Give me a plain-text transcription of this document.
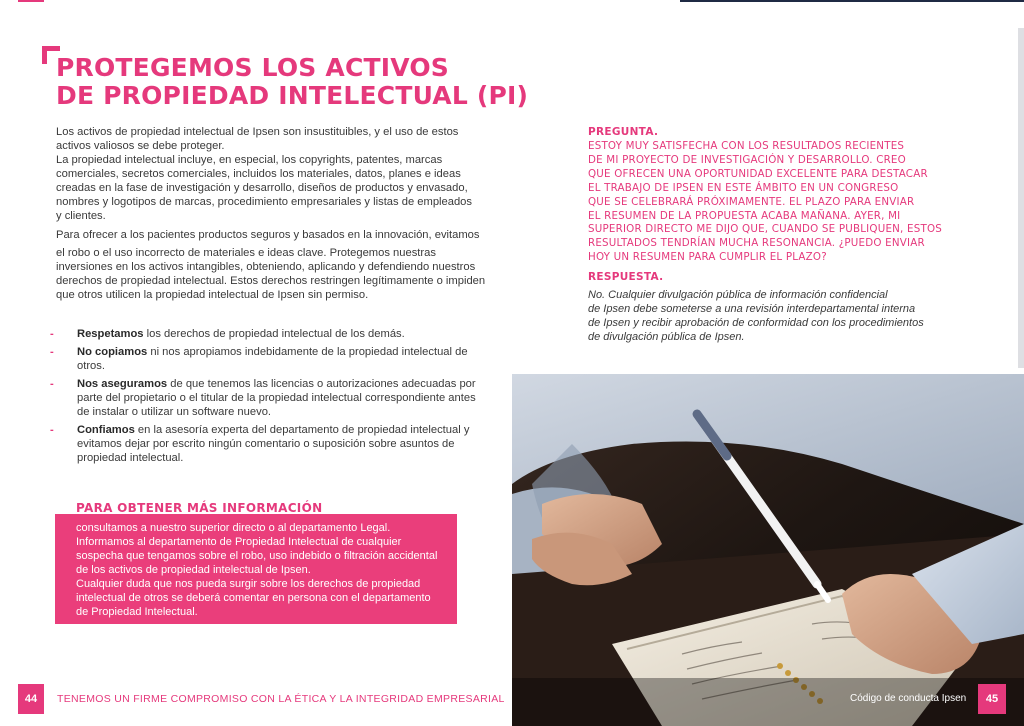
PROTEGEMOS LOS ACTIVOS
DE PROPIEDAD INTELECTUAL (PI)

Los activos de propiedad intelectual de Ipsen son insustituibles, y el uso de estos

activos valiosos se debe proteger.

La propiedad intelectual incluye, en especial, los copyrights, patentes, marcas

comerciales, secretos comerciales, incluidos los materiales, datos, planes e ideas

creadas en la fase de investigación y desarrollo, diseños de productos y envasado,

nombres y logotipos de marcas, procedimiento empresariales y listas de empleados

y clientes.

Para ofrecer a los pacientes productos seguros y basados en la innovación, evitamos

el robo o el uso incorrecto de materiales e ideas clave. Protegemos nuestras

inversiones en los activos intangibles, obteniendo, aplicando y defendiendo nuestros

derechos de propiedad intelectual. Estos derechos restringen legítimamente o impiden

que otros utilicen la propiedad intelectual de Ipsen sin permiso.

- Respetamos los derechos de propiedad intelectual de los demás.
- No copiamos ni nos apropiamos indebidamente de la propiedad intelectual de otros.
- Nos aseguramos de que tenemos las licencias o autorizaciones adecuadas por parte del propietario o el titular de la propiedad intelectual correspondiente antes de instalar o utilizar un software nuevo.
- Confiamos en la asesoría experta del departamento de propiedad intelectual y evitamos dejar por escrito ningún comentario o suposición sobre asuntos de propiedad intelectual.
PARA OBTENER MÁS INFORMACIÓN

consultamos a nuestro superior directo o al departamento Legal.

Informamos al departamento de Propiedad Intelectual de cualquier

sospecha que tengamos sobre el robo, uso indebido o filtración accidental

de los activos de propiedad intelectual de Ipsen.

Cualquier duda que nos pueda surgir sobre los derechos de propiedad

intelectual de otros se deberá comentar en persona con el departamento

de Propiedad Intelectual.

PREGUNTA.

ESTOY MUY SATISFECHA CON LOS RESULTADOS RECIENTES

DE MI PROYECTO DE INVESTIGACIÓN Y DESARROLLO. CREO

QUE OFRECEN UNA OPORTUNIDAD EXCELENTE PARA DESTACAR

EL TRABAJO DE IPSEN EN ESTE ÁMBITO EN UN CONGRESO

QUE SE CELEBRARÁ PRÓXIMAMENTE. EL PLAZO PARA ENVIAR

EL RESUMEN DE LA PROPUESTA ACABA MAÑANA. AYER, MI

SUPERIOR DIRECTO ME DIJO QUE, CUANDO SE PUBLIQUEN, ESTOS

RESULTADOS TENDRÍAN MUCHA RESONANCIA. ¿PUEDO ENVIAR

HOY UN RESUMEN PARA CUMPLIR EL PLAZO?

RESPUESTA.

No. Cualquier divulgación pública de información confidencial

de Ipsen debe someterse a una revisión interdepartamental interna

de Ipsen y recibir aprobación de conformidad con los procedimientos

de divulgación pública de Ipsen.

44	TENEMOS UN FIRME COMPROMISO CON LA ÉTICA Y LA INTEGRIDAD EMPRESARIAL	Código de conducta Ipsen	45
